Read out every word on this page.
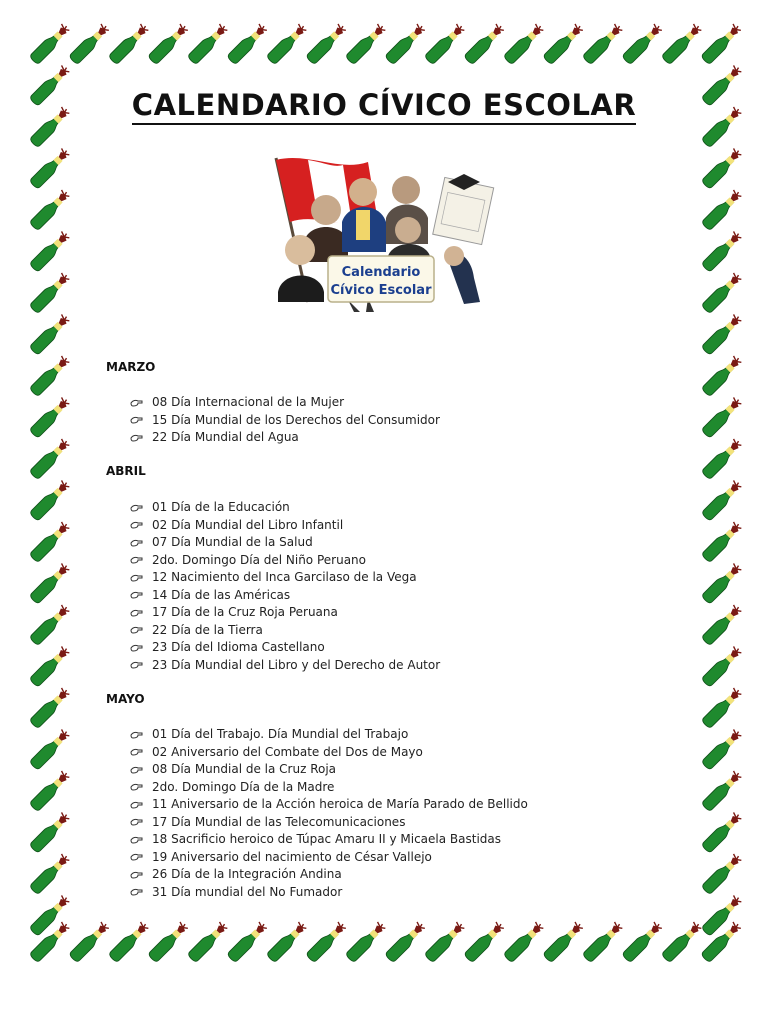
CALENDARIO CÍVICO ESCOLAR
Calendario
Cívico Escolar
MARZO
08 Día Internacional de la Mujer
15 Día Mundial de los Derechos del Consumidor
22 Día Mundial del Agua
ABRIL
01 Día de la Educación
02 Día Mundial del Libro Infantil
07 Día Mundial de la Salud
2do. Domingo Día del Niño Peruano
12 Nacimiento del Inca Garcilaso de la Vega
14 Día de las Américas
17 Día de la Cruz Roja Peruana
22 Día de la Tierra
23 Día del Idioma Castellano
23 Día Mundial del Libro y del Derecho de Autor
MAYO
01 Día del Trabajo. Día Mundial del Trabajo
02 Aniversario del Combate del Dos de Mayo
08 Día Mundial de la Cruz Roja
2do. Domingo Día de la Madre
11 Aniversario de la Acción heroica de María Parado de Bellido
17 Día Mundial de las Telecomunicaciones
18 Sacrificio heroico de Túpac Amaru II y Micaela Bastidas
19 Aniversario del nacimiento de César Vallejo
26 Día de la Integración Andina
31 Día mundial del No Fumador
